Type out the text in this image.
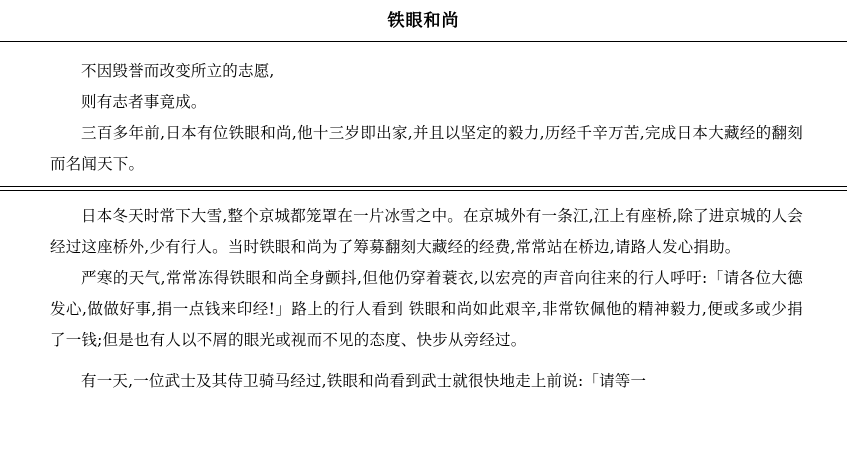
铁眼和尚

不因毁誉而改变所立的志愿,

则有志者事竟成。

三百多年前,日本有位铁眼和尚,他十三岁即出家,并且以坚定的毅力,历经千辛万苦,完成日本大藏经的翻刻而名闻天下。

日本冬天时常下大雪,整个京城都笼罩在一片冰雪之中。在京城外有一条江,江上有座桥,除了进京城的人会经过这座桥外,少有行人。当时铁眼和尚为了筹募翻刻大藏经的经费,常常站在桥边,请路人发心捐助。

严寒的天气,常常冻得铁眼和尚全身颤抖,但他仍穿着蓑衣,以宏亮的声音向往来的行人呼吁:「请各位大德发心,做做好事,捐一点钱来印经!」路上的行人看到 铁眼和尚如此艰辛,非常钦佩他的精神毅力,便或多或少捐了一钱;但是也有人以不屑的眼光或视而不见的态度、快步从旁经过。

有一天,一位武士及其侍卫骑马经过,铁眼和尚看到武士就很快地走上前说:「请等一
